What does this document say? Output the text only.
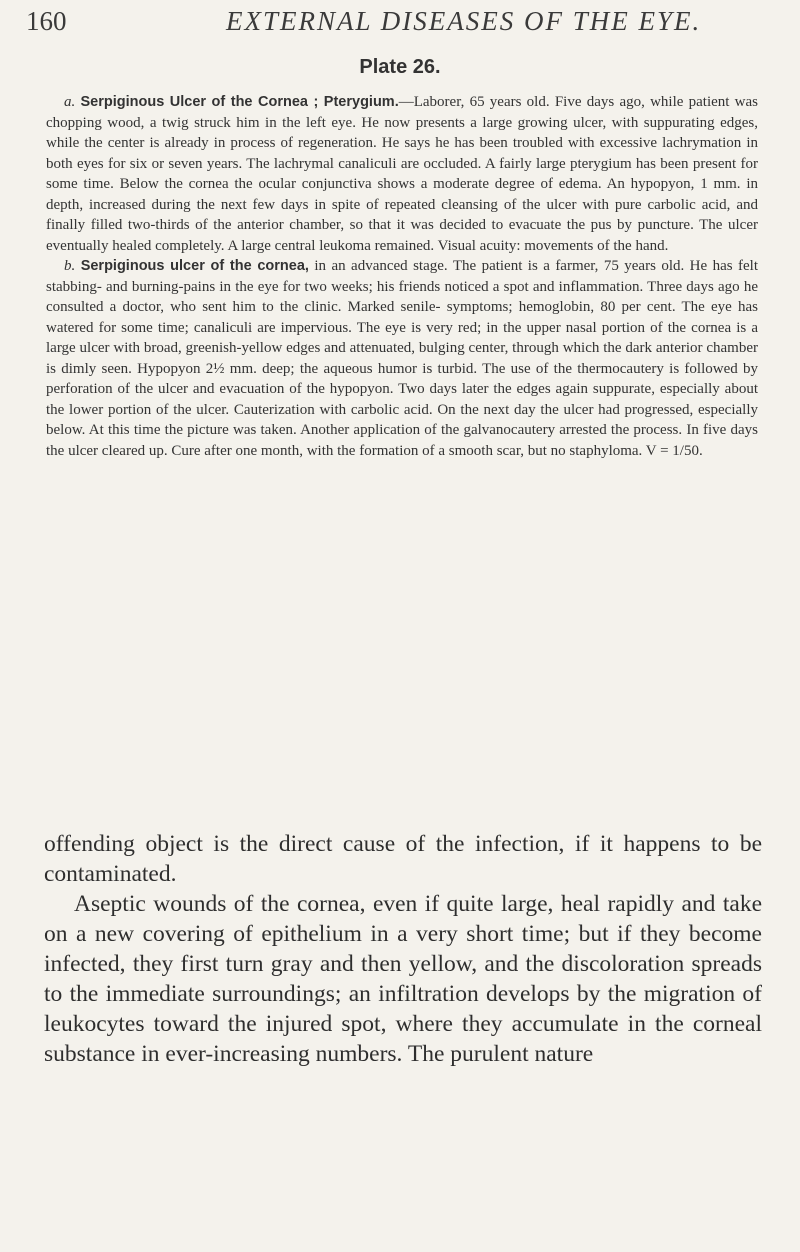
160	EXTERNAL DISEASES OF THE EYE.
Plate 26.

a. Serpiginous Ulcer of the Cornea ; Pterygium.—Laborer, 65 years old. Five days ago, while patient was chopping wood, a twig struck him in the left eye. He now presents a large growing ulcer, with suppurating edges, while the center is already in process of regeneration. He says he has been troubled with excessive lachrymation in both eyes for six or seven years. The lachrymal canaliculi are occluded. A fairly large pterygium has been present for some time. Below the cornea the ocular conjunctiva shows a moderate degree of edema. An hypopyon, 1 mm. in depth, increased during the next few days in spite of repeated cleansing of the ulcer with pure carbolic acid, and finally filled two-thirds of the anterior chamber, so that it was decided to evacuate the pus by puncture. The ulcer eventually healed completely. A large central leukoma remained. Visual acuity: movements of the hand.

b. Serpiginous ulcer of the cornea, in an advanced stage. The patient is a farmer, 75 years old. He has felt stabbing- and burning-pains in the eye for two weeks; his friends noticed a spot and inflammation. Three days ago he consulted a doctor, who sent him to the clinic. Marked senile- symptoms; hemoglobin, 80 per cent. The eye has watered for some time; canaliculi are impervious. The eye is very red; in the upper nasal portion of the cornea is a large ulcer with broad, greenish-yellow edges and attenuated, bulging center, through which the dark anterior chamber is dimly seen. Hypopyon 2½ mm. deep; the aqueous humor is turbid. The use of the thermocautery is followed by perforation of the ulcer and evacuation of the hypopyon. Two days later the edges again suppurate, especially about the lower portion of the ulcer. Cauterization with carbolic acid. On the next day the ulcer had progressed, especially below. At this time the picture was taken. Another application of the galvanocautery arrested the process. In five days the ulcer cleared up. Cure after one month, with the formation of a smooth scar, but no staphyloma. V = 1/50.

offending object is the direct cause of the infection, if it happens to be contaminated.

Aseptic wounds of the cornea, even if quite large, heal rapidly and take on a new covering of epithelium in a very short time; but if they become infected, they first turn gray and then yellow, and the discoloration spreads to the immediate surroundings; an infiltration develops by the migration of leukocytes toward the injured spot, where they accumulate in the corneal substance in ever-increasing numbers. The purulent nature
